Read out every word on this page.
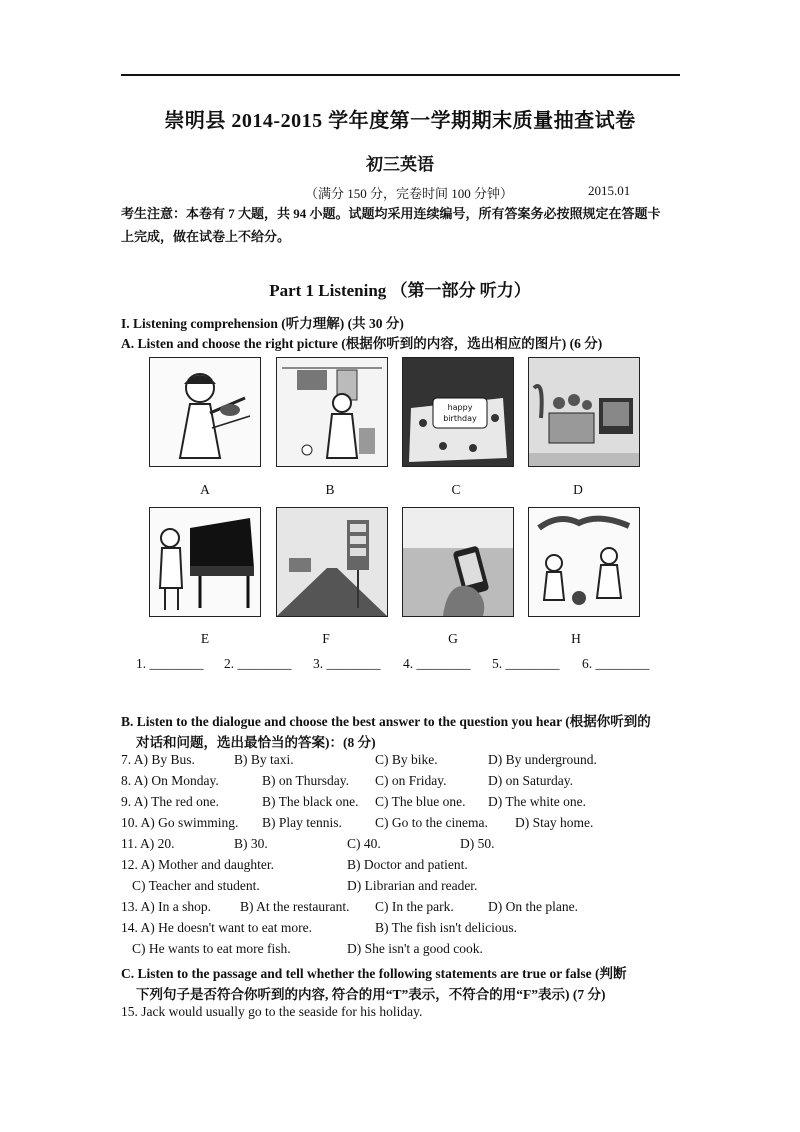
崇明县 2014-2015 学年度第一学期期末质量抽查试卷
初三英语
（满分 150 分，完卷时间 100 分钟）	2015.01
考生注意：本卷有 7 大题，共 94 小题。试题均采用连续编号，所有答案务必按照规定在答题卡上完成，做在试卷上不给分。
Part 1 Listening （第一部分 听力）
I. Listening comprehension (听力理解) (共 30 分)
A. Listen and choose the right picture (根据你听到的内容，选出相应的图片) (6 分)
happy
birthday
A	B	C	D
E	F	G	H
1. ________ 2. ________ 3. ________ 4. ________ 5. ________ 6. ________
B. Listen to the dialogue and choose the best answer to the question you hear (根据你听到的
对话和问题，选出最恰当的答案)：(8 分)
7. A) By Bus.	B) By taxi.	C) By bike.	D) By underground.
8. A) On Monday.	B) on Thursday. C) on Friday.	D) on Saturday.
9. A) The red one.	B) The black one. C) The blue one. D) The white one.
10. A) Go swimming. B) Play tennis. C) Go to the cinema. D) Stay home.
11. A) 20.	B) 30.	C) 40.	D) 50.
12. A) Mother and daughter.	B) Doctor and patient.
C) Teacher and student.	D) Librarian and reader.
13. A) In a shop. B) At the restaurant. C) In the park.	D) On the plane.
14. A) He doesn't want to eat more.	B) The fish isn't delicious.
C) He wants to eat more fish.	D) She isn't a good cook.
C. Listen to the passage and tell whether the following statements are true or false (判断
下列句子是否符合你听到的内容, 符合的用“T”表示，不符合的用“F”表示) (7 分)
15. Jack would usually go to the seaside for his holiday.
